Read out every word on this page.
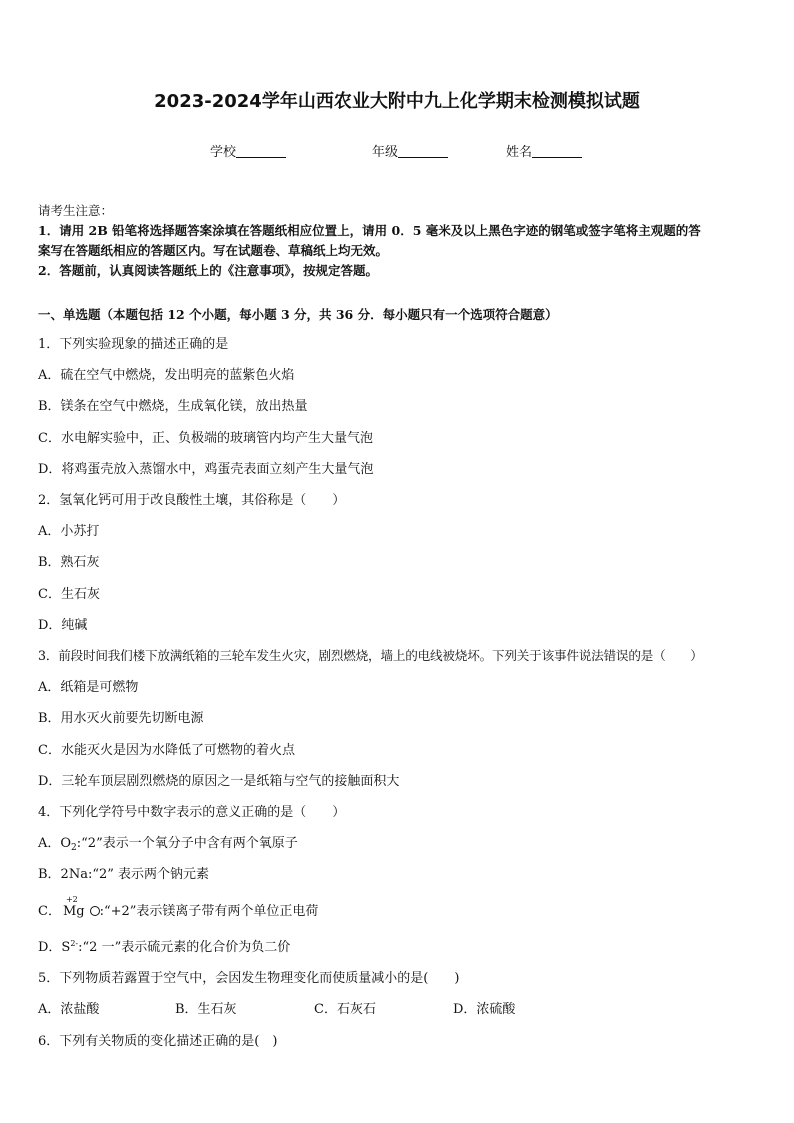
2023-2024学年山西农业大附中九上化学期末检测模拟试题
学校	年级	姓名
请考生注意：
1．请用 2B 铅笔将选择题答案涂填在答题纸相应位置上，请用 0．5 毫米及以上黑色字迹的钢笔或签字笔将主观题的答
案写在答题纸相应的答题区内。写在试题卷、草稿纸上均无效。
2．答题前，认真阅读答题纸上的《注意事项》，按规定答题。
一、单选题（本题包括 12 个小题，每小题 3 分，共 36 分．每小题只有一个选项符合题意）
1．下列实验现象的描述正确的是
A．硫在空气中燃烧，发出明亮的蓝紫色火焰
B．镁条在空气中燃烧，生成氧化镁，放出热量
C．水电解实验中，正、负极端的玻璃管内均产生大量气泡
D．将鸡蛋壳放入蒸馏水中，鸡蛋壳表面立刻产生大量气泡
2．氢氧化钙可用于改良酸性土壤，其俗称是（　　）
A．小苏打
B．熟石灰
C．生石灰
D．纯碱
3．前段时间我们楼下放满纸箱的三轮车发生火灾，剧烈燃烧，墙上的电线被烧坏。下列关于该事件说法错误的是（　　）
A．纸箱是可燃物
B．用水灭火前要先切断电源
C．水能灭火是因为水降低了可燃物的着火点
D．三轮车顶层剧烈燃烧的原因之一是纸箱与空气的接触面积大
4．下列化学符号中数字表示的意义正确的是（　　）
A．$O_2:“2$”表示一个氧分子中含有两个氧原子
B．2Na:“2” 表示两个钠元素
C．
+2
Mg :“+2”表示镁离子带有两个单位正电荷
D．$S^{2-}:“2$ 一”表示硫元素的化合价为负二价
5．下列物质若露置于空气中，会因发生物理变化而使质量减小的是(　　)
A．浓盐酸	B．生石灰	C．石灰石	D．浓硫酸
6．下列有关物质的变化描述正确的是(　)
